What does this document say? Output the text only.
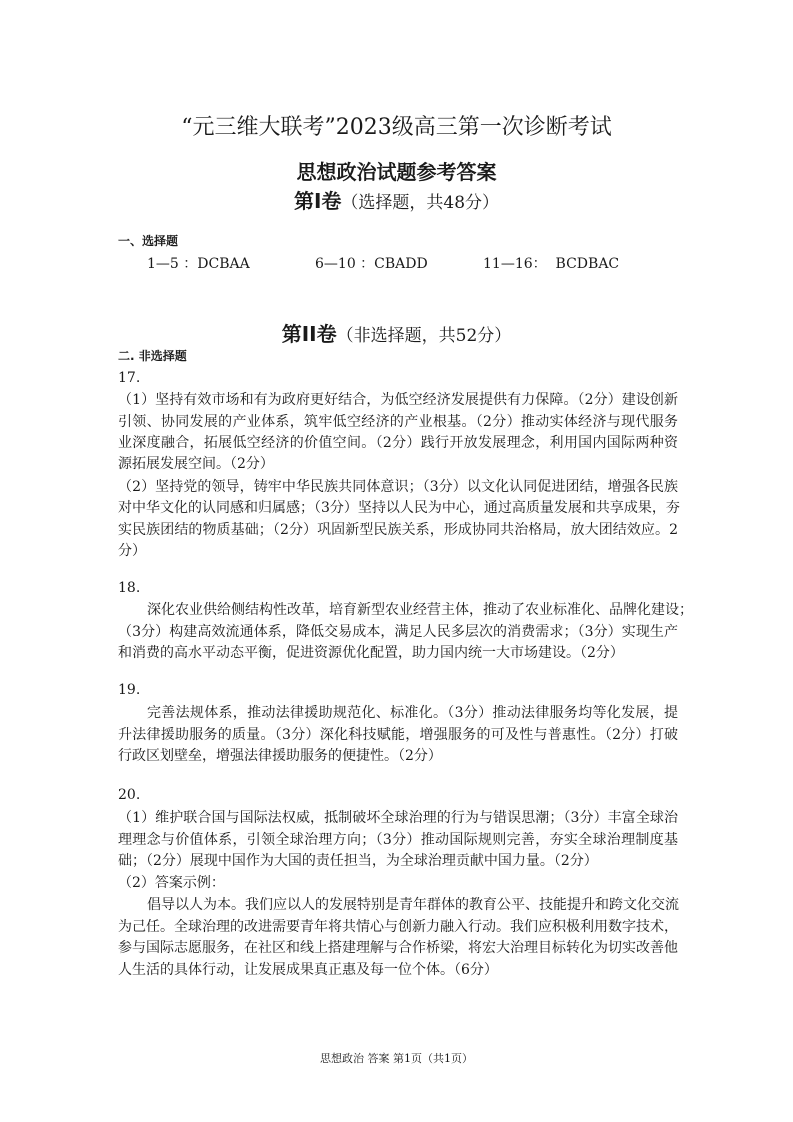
“元三维大联考”2023级高三第一次诊断考试
思想政治试题参考答案
第I卷（选择题，共48分）
一、选择题
1—5 ：DCBAA	6—10 ：CBADD	11—16： BCDBAC
第II卷（非选择题，共52分）
二. 非选择题
17.
（1）坚持有效市场和有为政府更好结合，为低空经济发展提供有力保障。（2分）建设创新
引领、协同发展的产业体系，筑牢低空经济的产业根基。（2分）推动实体经济与现代服务
业深度融合，拓展低空经济的价值空间。（2分）践行开放发展理念，利用国内国际两种资
源拓展发展空间。（2分）
（2）坚持党的领导，铸牢中华民族共同体意识；（3分）以文化认同促进团结，增强各民族
对中华文化的认同感和归属感；（3分）坚持以人民为中心，通过高质量发展和共享成果，夯
实民族团结的物质基础；（2分）巩固新型民族关系，形成协同共治格局，放大团结效应。2
分）
18.
深化农业供给侧结构性改革，培育新型农业经营主体，推动了农业标准化、品牌化建设；
（3分）构建高效流通体系，降低交易成本，满足人民多层次的消费需求；（3分）实现生产
和消费的高水平动态平衡，促进资源优化配置，助力国内统一大市场建设。（2分）
19.
完善法规体系，推动法律援助规范化、标准化。（3分）推动法律服务均等化发展，提
升法律援助服务的质量。（3分）深化科技赋能，增强服务的可及性与普惠性。（2分）打破
行政区划壁垒，增强法律援助服务的便捷性。（2分）
20.
（1）维护联合国与国际法权威，抵制破坏全球治理的行为与错误思潮；（3分）丰富全球治
理理念与价值体系，引领全球治理方向；（3分）推动国际规则完善，夯实全球治理制度基
础；（2分）展现中国作为大国的责任担当，为全球治理贡献中国力量。（2分）
（2）答案示例：
倡导以人为本。我们应以人的发展特别是青年群体的教育公平、技能提升和跨文化交流
为己任。全球治理的改进需要青年将共情心与创新力融入行动。我们应积极利用数字技术，
参与国际志愿服务，在社区和线上搭建理解与合作桥梁，将宏大治理目标转化为切实改善他
人生活的具体行动，让发展成果真正惠及每一位个体。（6分）
思想政治 答案 第1页（共1页）
